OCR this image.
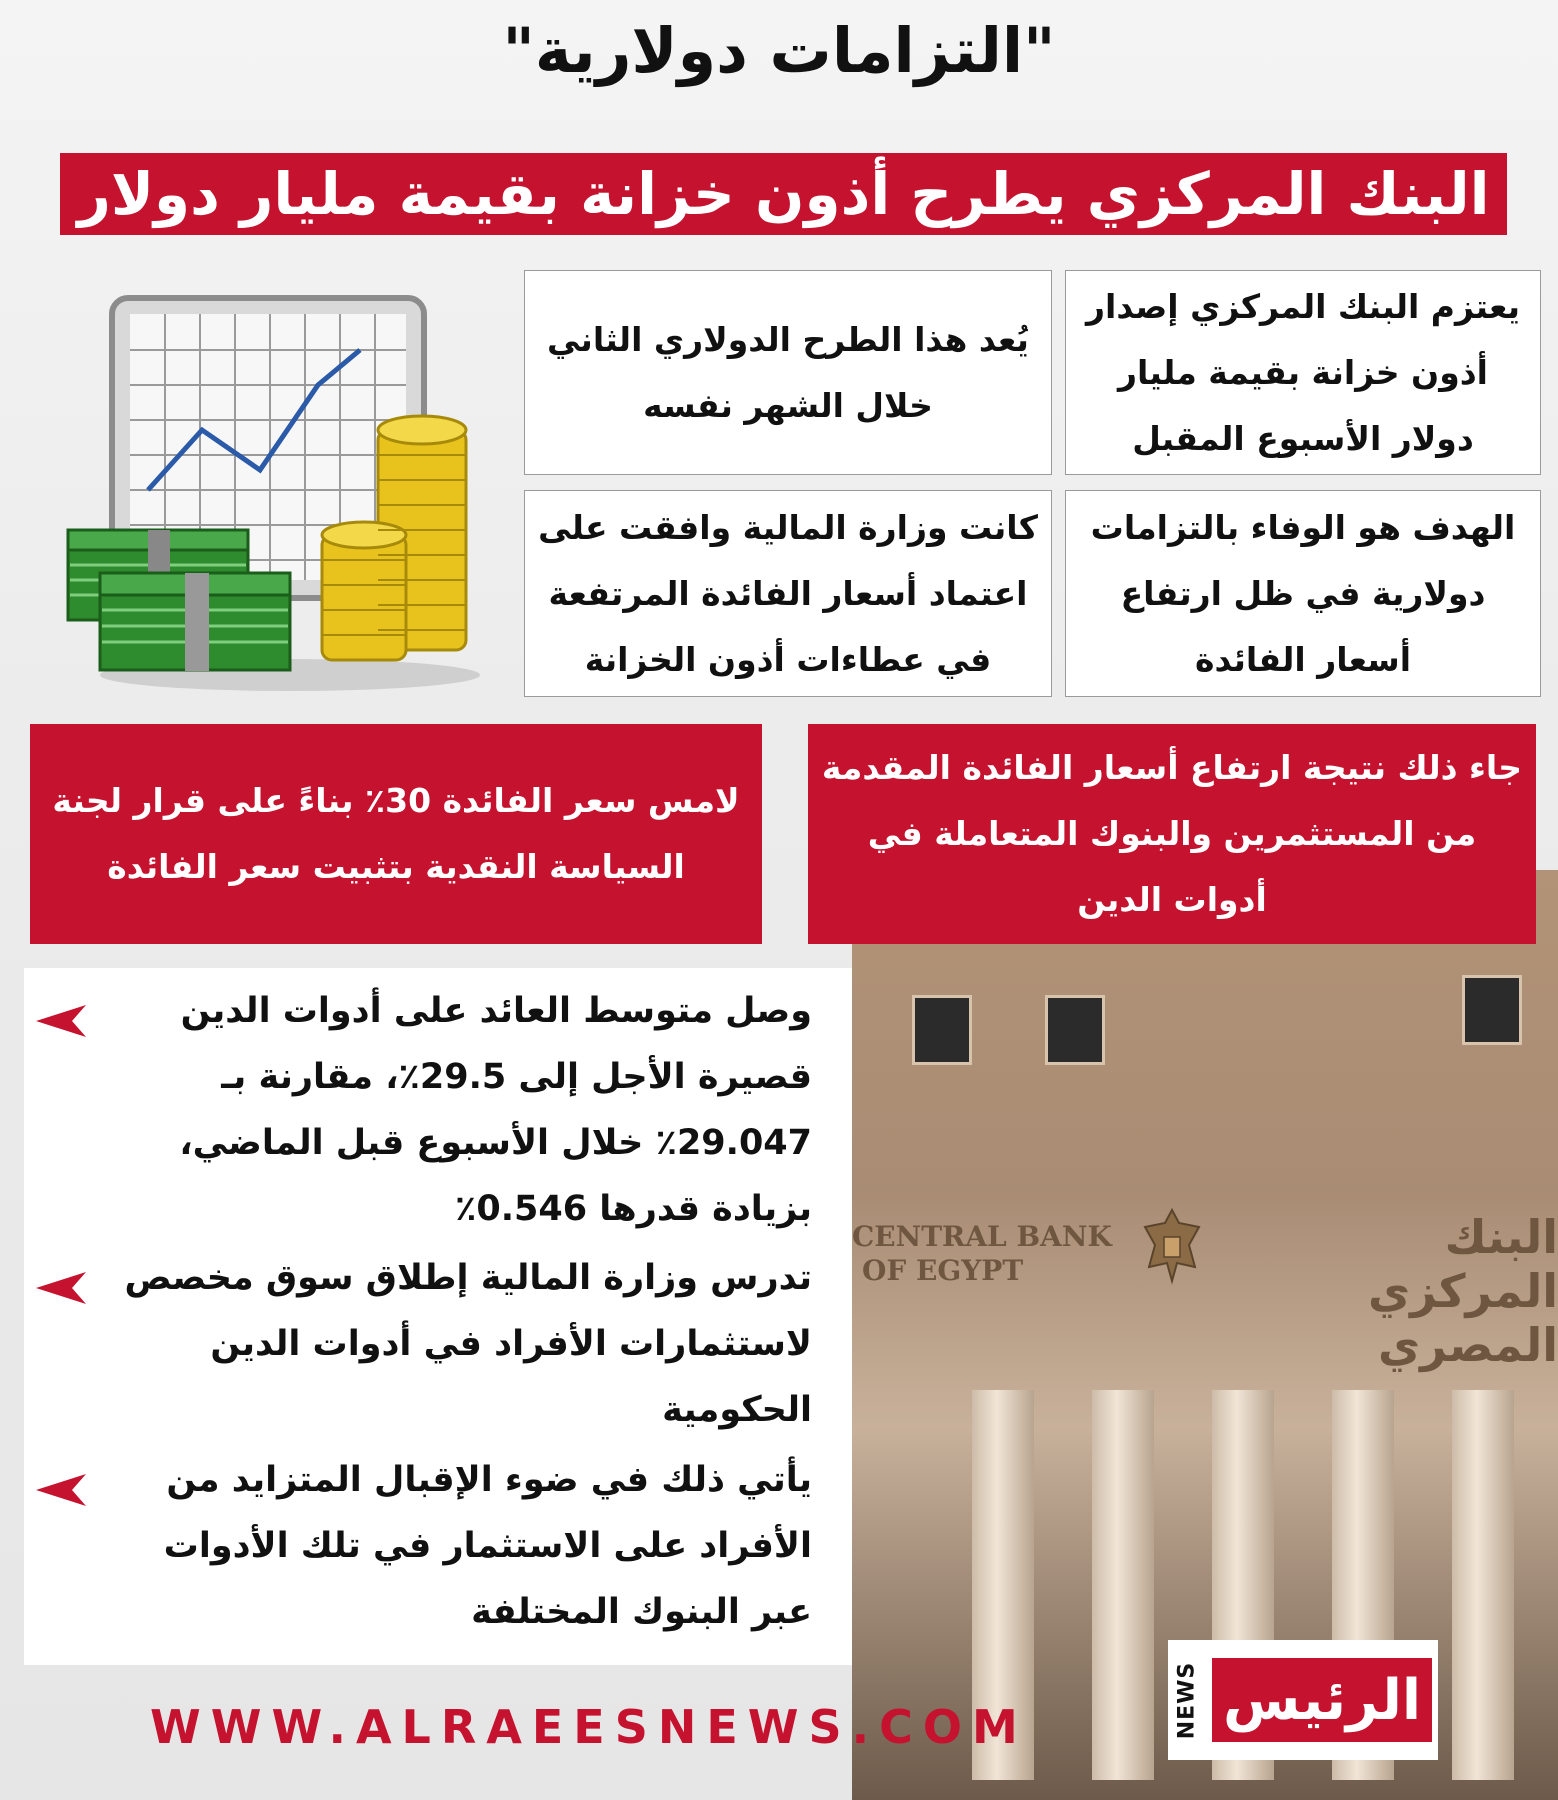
"التزامات دولارية"
البنك المركزي يطرح أذون خزانة بقيمة مليار دولار
يعتزم البنك المركزي إصدار أذون خزانة بقيمة مليار دولار الأسبوع المقبل
يُعد هذا الطرح الدولاري الثاني خلال الشهر نفسه
الهدف هو الوفاء بالتزامات دولارية في ظل ارتفاع أسعار الفائدة
كانت وزارة المالية وافقت على اعتماد أسعار الفائدة المرتفعة في عطاءات أذون الخزانة
CENTRAL BANK
OF EGYPT
البنك المركزي المصري
جاء ذلك نتيجة ارتفاع أسعار الفائدة المقدمة من المستثمرين والبنوك المتعاملة في أدوات الدين
لامس سعر الفائدة 30٪ بناءً على قرار لجنة السياسة النقدية بتثبيت سعر الفائدة
وصل متوسط العائد على أدوات الدين قصيرة الأجل إلى 29.5٪، مقارنة بـ 29.047٪ خلال الأسبوع قبل الماضي، بزيادة قدرها 0.546٪
تدرس وزارة المالية إطلاق سوق مخصص لاستثمارات الأفراد في أدوات الدين الحكومية
يأتي ذلك في ضوء الإقبال المتزايد من الأفراد على الاستثمار في تلك الأدوات عبر البنوك المختلفة
WWW.ALRAEESNEWS.COM	NEWS الرئيس
